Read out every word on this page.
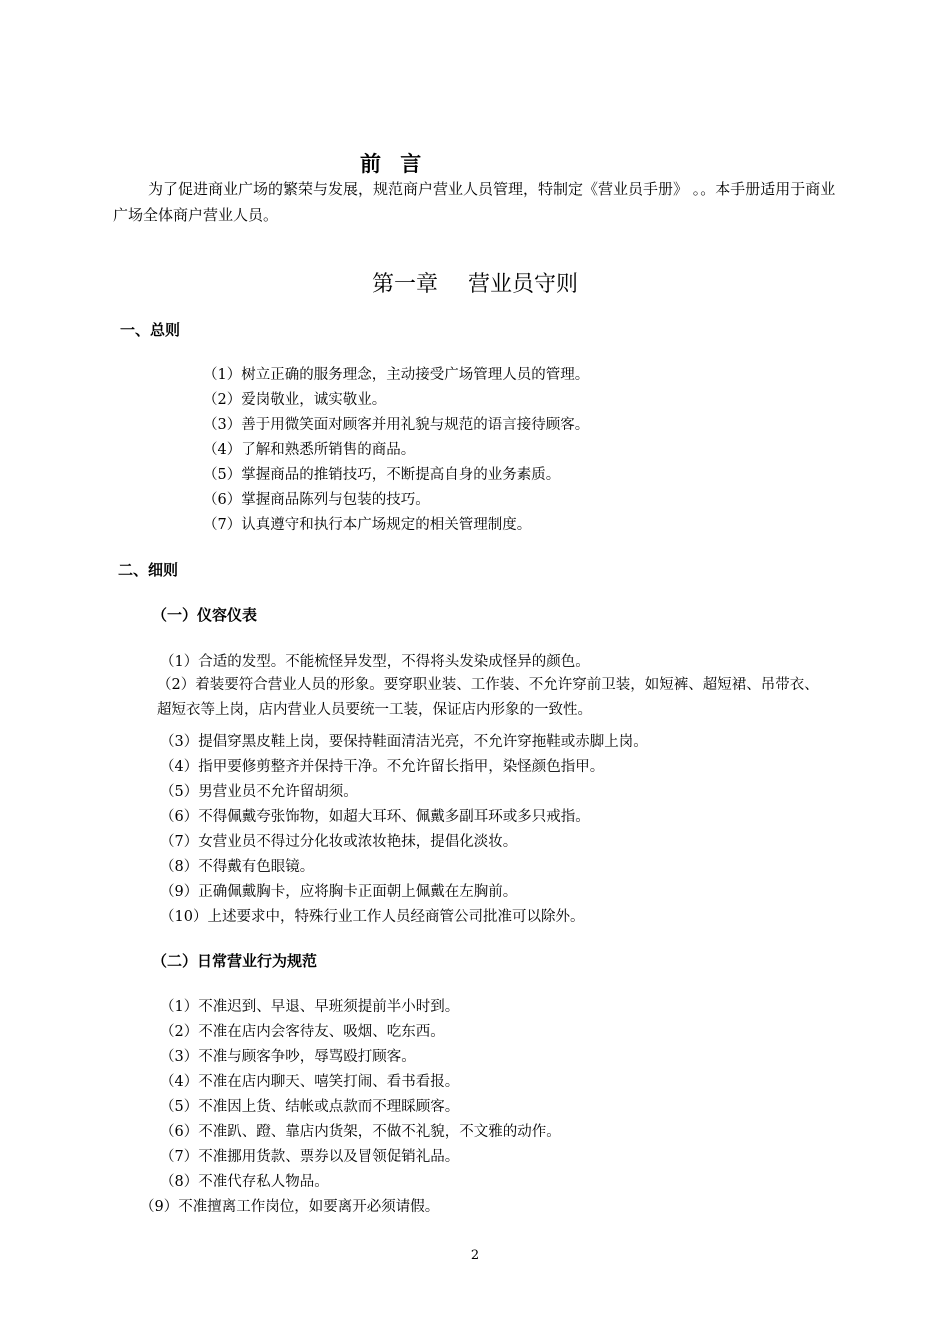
前 言
为了促进商业广场的繁荣与发展，规范商户营业人员管理，特制定《营业员手册》 。。本手册适用于商业广场全体商户营业人员。
第一章 营业员守则
一、总则
（1）树立正确的服务理念，主动接受广场管理人员的管理。
（2）爱岗敬业，诚实敬业。
（3）善于用微笑面对顾客并用礼貌与规范的语言接待顾客。
（4）了解和熟悉所销售的商品。
（5）掌握商品的推销技巧，不断提高自身的业务素质。
（6）掌握商品陈列与包装的技巧。
（7）认真遵守和执行本广场规定的相关管理制度。
二、细则
（一）仪容仪表
（1）合适的发型。不能梳怪异发型，不得将头发染成怪异的颜色。
（2）着装要符合营业人员的形象。要穿职业装、工作装、不允许穿前卫装，如短裤、超短裙、吊带衣、超短衣等上岗，店内营业人员要统一工装，保证店内形象的一致性。
（3）提倡穿黑皮鞋上岗，要保持鞋面清洁光亮，不允许穿拖鞋或赤脚上岗。
（4）指甲要修剪整齐并保持干净。不允许留长指甲，染怪颜色指甲。
（5）男营业员不允许留胡须。
（6）不得佩戴夸张饰物，如超大耳环、佩戴多副耳环或多只戒指。
（7）女营业员不得过分化妆或浓妆艳抹，提倡化淡妆。
（8）不得戴有色眼镜。
（9）正确佩戴胸卡，应将胸卡正面朝上佩戴在左胸前。
（10）上述要求中，特殊行业工作人员经商管公司批准可以除外。
（二）日常营业行为规范
（1）不准迟到、早退、早班须提前半小时到。
（2）不准在店内会客待友、吸烟、吃东西。
（3）不准与顾客争吵，辱骂殴打顾客。
（4）不准在店内聊天、嘻笑打闹、看书看报。
（5）不准因上货、结帐或点款而不理睬顾客。
（6）不准趴、蹬、靠店内货架，不做不礼貌，不文雅的动作。
（7）不准挪用货款、票券以及冒领促销礼品。
（8）不准代存私人物品。
（9）不准擅离工作岗位，如要离开必须请假。
2
